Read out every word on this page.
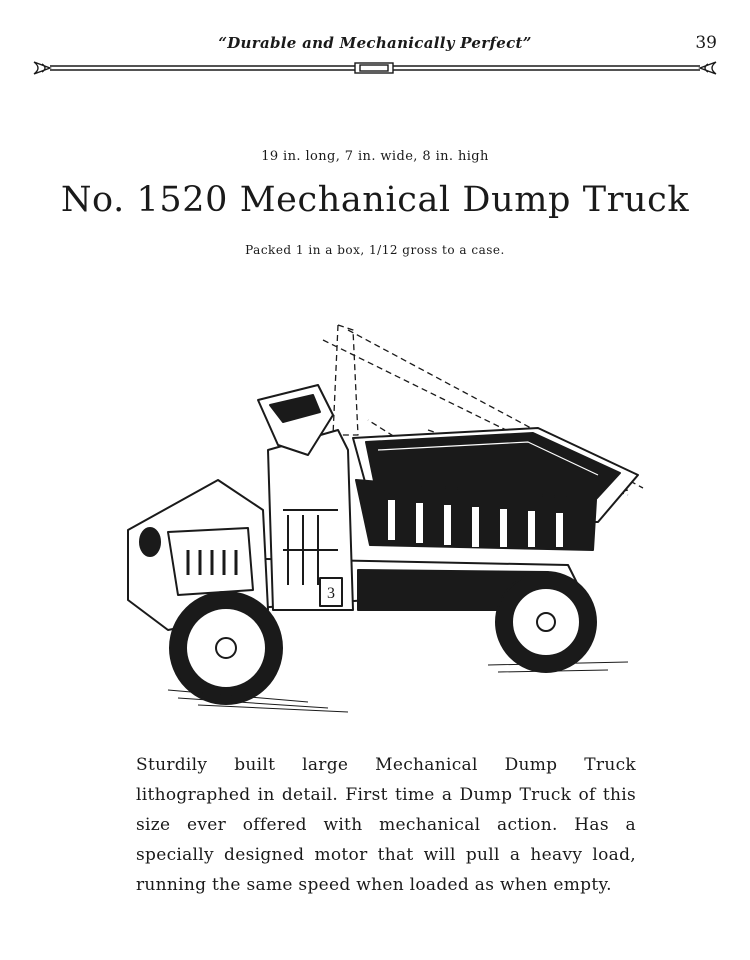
“Durable and Mechanically Perfect”	39
19 in. long, 7 in. wide, 8 in. high
No. 1520 Mechanical Dump Truck
Packed 1 in a box, 1/12 gross to a case.
3

Sturdily built large Mechanical Dump Truck lithographed in detail. First time a Dump Truck of this size ever offered with mechanical action. Has a specially designed motor that will pull a heavy load, running the same speed when loaded as when empty.
